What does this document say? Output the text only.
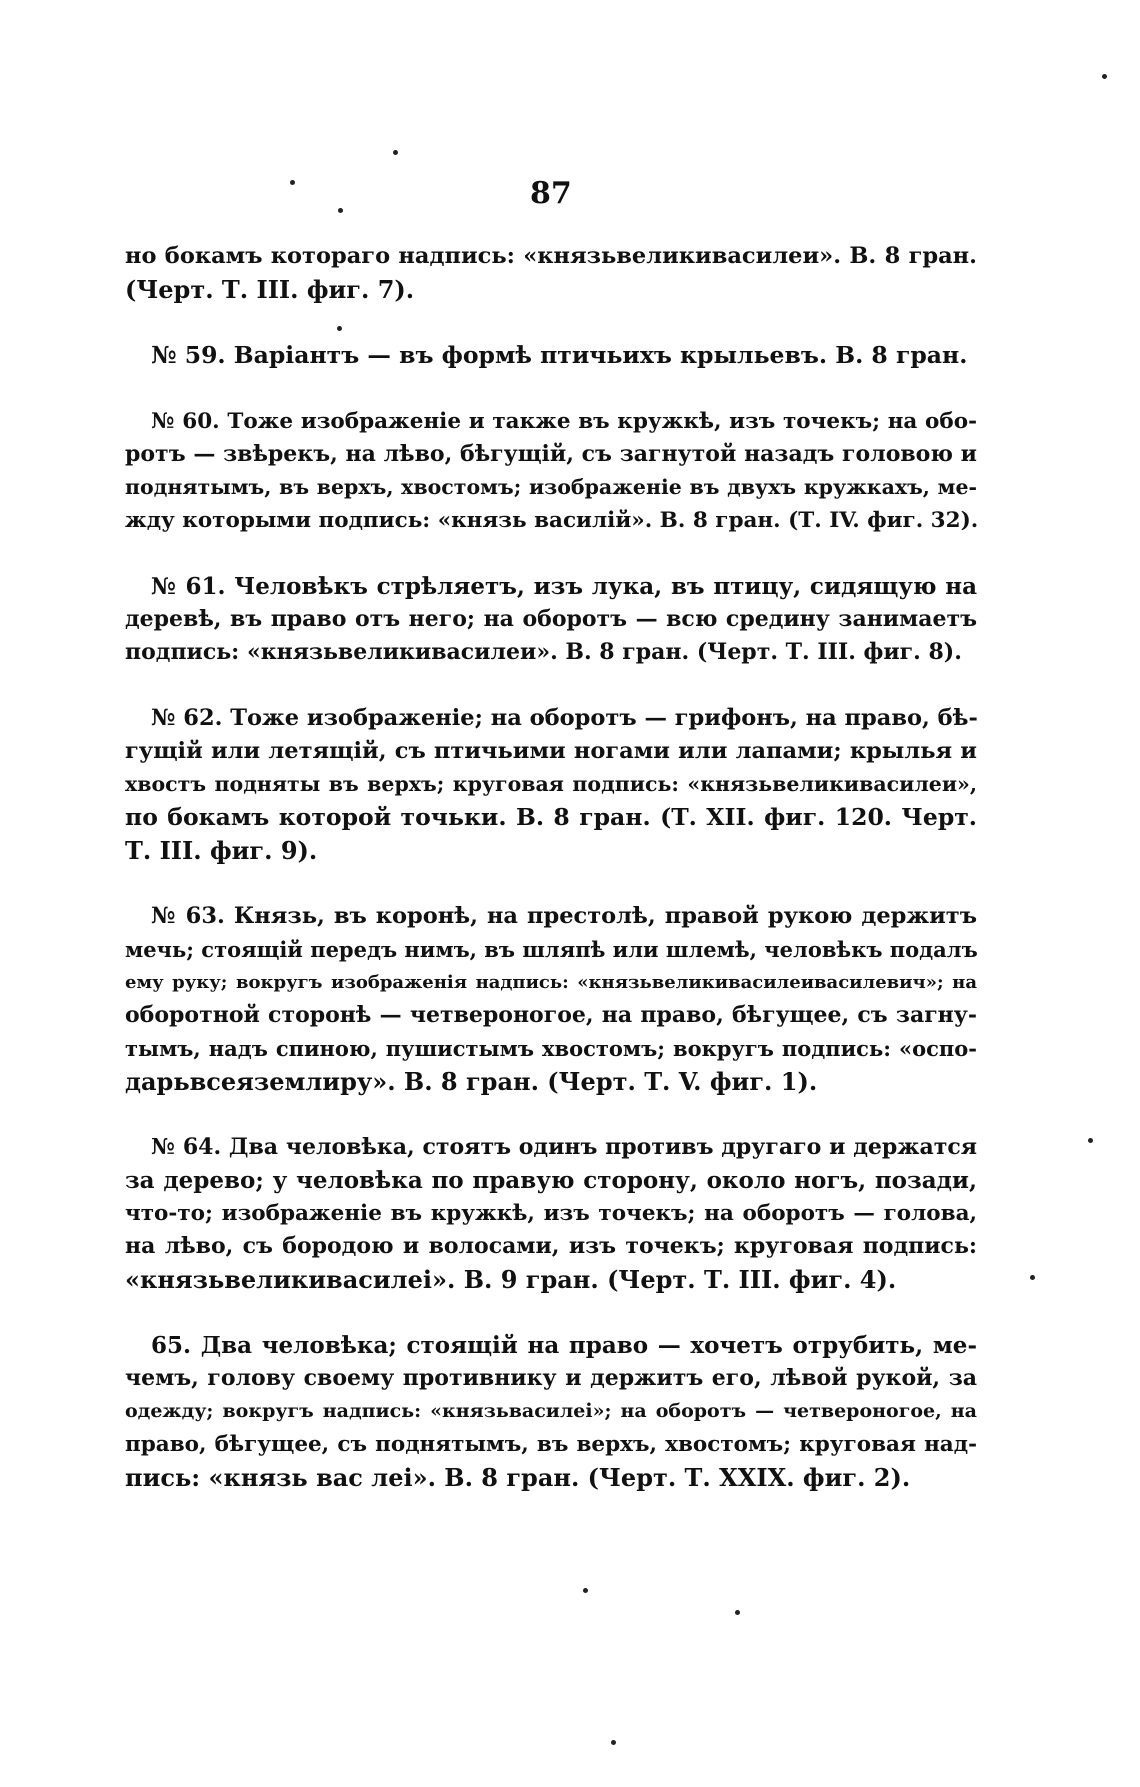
87
но бокамъ котораго надпись: «князьвеликивасилеи». В. 8 гран.
(Черт. Т. III. фиг. 7).
№ 59. Варіантъ — въ формѣ птичьихъ крыльевъ. В. 8 гран.
№ 60. Тоже изображеніе и также въ кружкѣ, изъ точекъ; на обо-
ротъ — звѣрекъ, на лѣво, бѣгущій, съ загнутой назадъ головою и
поднятымъ, въ верхъ, хвостомъ; изображеніе въ двухъ кружкахъ, ме-
жду которыми подпись: «князь василій». В. 8 гран. (Т. IV. фиг. 32).
№ 61. Человѣкъ стрѣляетъ, изъ лука, въ птицу, сидящую на
деревѣ, въ право отъ него; на оборотъ — всю средину занимаетъ
подпись: «князьвеликивасилеи». В. 8 гран. (Черт. Т. III. фиг. 8).
№ 62. Тоже изображеніе; на оборотъ — грифонъ, на право, бѣ-
гущій или летящій, съ птичьими ногами или лапами; крылья и
хвостъ подняты въ верхъ; круговая подпись: «князьвеликивасилеи»,
по бокамъ которой точьки. В. 8 гран. (Т. XII. фиг. 120. Черт.
Т. III. фиг. 9).
№ 63. Князь, въ коронѣ, на престолѣ, правой рукою держитъ
мечь; стоящій передъ нимъ, въ шляпѣ или шлемѣ, человѣкъ подалъ
ему руку; вокругъ изображенія надпись: «князьвеликивасилеивасилевич»; на
оборотной сторонѣ — четвероногое, на право, бѣгущее, съ загну-
тымъ, надъ спиною, пушистымъ хвостомъ; вокругъ подпись: «оспо-
дарьвсеяземлиру». В. 8 гран. (Черт. Т. V. фиг. 1).
№ 64. Два человѣка, стоятъ одинъ противъ другаго и держатся
за дерево; у человѣка по правую сторону, около ногъ, позади,
что-то; изображеніе въ кружкѣ, изъ точекъ; на оборотъ — голова,
на лѣво, съ бородою и волосами, изъ точекъ; круговая подпись:
«князьвеликивасилеі». В. 9 гран. (Черт. Т. III. фиг. 4).
65. Два человѣка; стоящій на право — хочетъ отрубить, ме-
чемъ, голову своему противнику и держитъ его, лѣвой рукой, за
одежду; вокругъ надпись: «князьвасилеі»; на оборотъ — четвероногое, на
право, бѣгущее, съ поднятымъ, въ верхъ, хвостомъ; круговая над-
пись: «князь вас леі». В. 8 гран. (Черт. Т. XXIX. фиг. 2).
